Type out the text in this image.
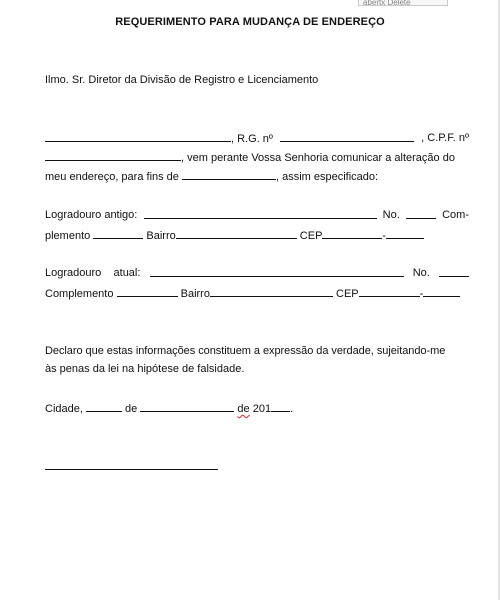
abertx Delete
REQUERIMENTO PARA MUDANÇA DE ENDEREÇO
Ilmo. Sr. Diretor da Divisão de Registro e Licenciamento
, R.G. nº	, C.P.F. nº
, vem perante Vossa Senhoria comunicar a alteração do
meu endereço, para fins de	, assim especificado:
Logradouro antigo:	No.	Com-
plemento	Bairro	CEP	-
Logradouro atual:	No.
Complemento	Bairro	CEP	-
Declaro que estas informações constituem a expressão da verdade, sujeitando-me
às penas da lei na hipótese de falsidade.
Cidade,	de	de 201 .
